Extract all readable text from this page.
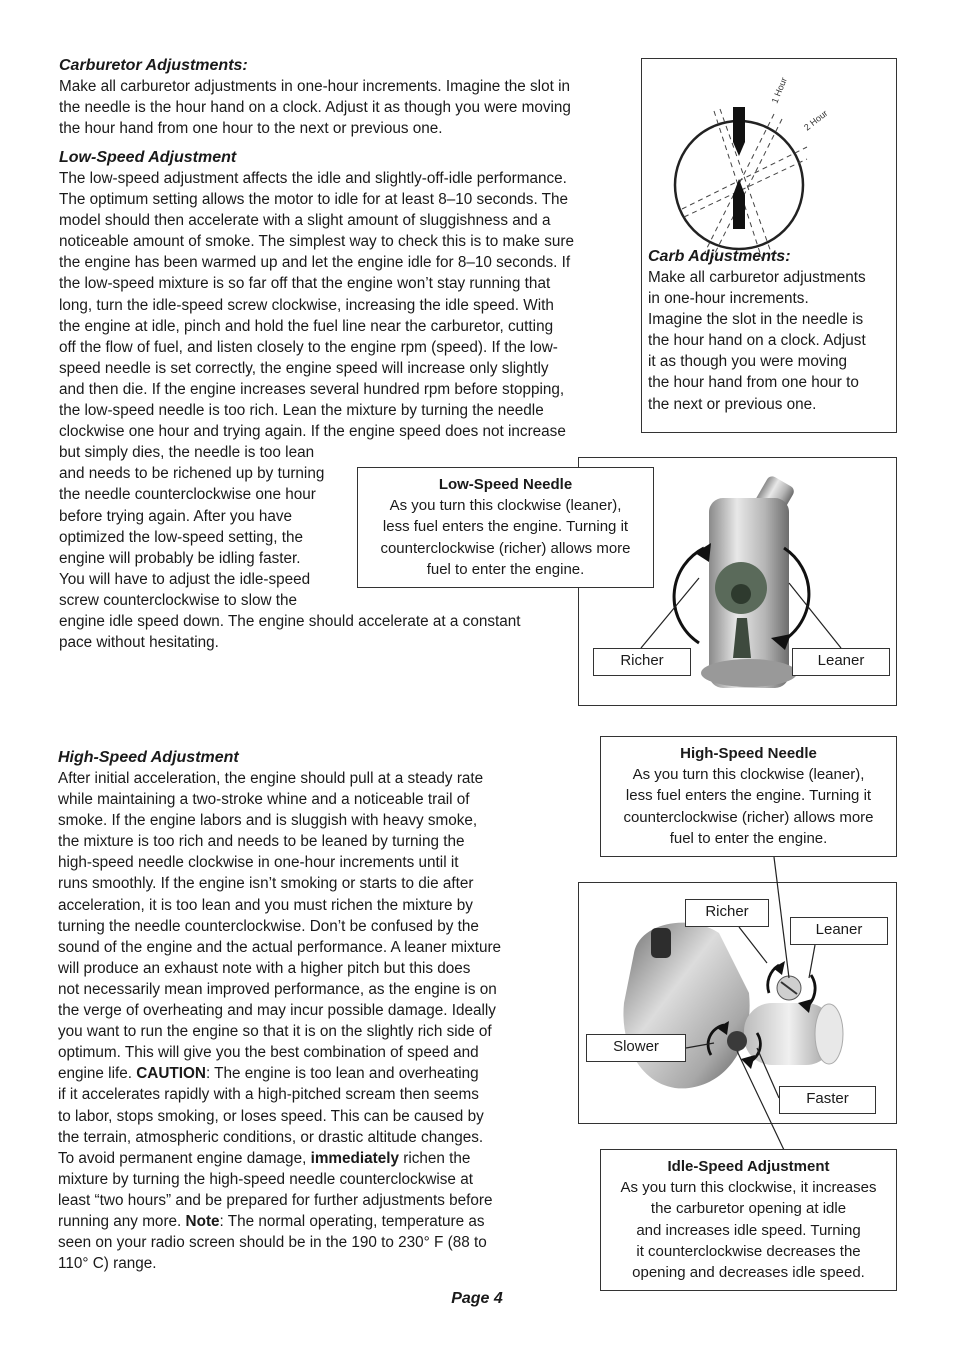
Carburetor Adjustments:

Make all carburetor adjustments in one-hour increments. Imagine the slot in
the needle is the hour hand on a clock. Adjust it as though you were moving
the hour hand from one hour to the next or previous one.

Low-Speed Adjustment

The low-speed adjustment affects the idle and slightly-off-idle performance.
The optimum setting allows the motor to idle for at least 8–10 seconds. The
model should then accelerate with a slight amount of sluggishness and a
noticeable amount of smoke. The simplest way to check this is to make sure
the engine has been warmed up and let the engine idle for 8–10 seconds. If
the low-speed mixture is so far off that the engine won’t stay running that
long, turn the idle-speed screw clockwise, increasing the idle speed. With
the engine at idle, pinch and hold the fuel line near the carburetor, cutting
off the flow of fuel, and listen closely to the engine rpm (speed). If the low-
speed needle is set correctly, the engine speed will increase only slightly
and then die. If the engine increases several hundred rpm before stopping,
the low-speed needle is too rich. Lean the mixture by turning the needle
clockwise one hour and trying again. If the engine speed does not increase
but simply dies, the needle is too lean
and needs to be richened up by turning
the needle counterclockwise one hour
before trying again. After you have
optimized the low-speed setting, the
engine will probably be idling faster.
You will have to adjust the idle-speed
screw counterclockwise to slow the
engine idle speed down. The engine should accelerate at a constant
pace without hesitating.

1 Hour
2 Hour

Carb Adjustments:

Make all carburetor adjustments
in one-hour increments.
Imagine the slot in the needle is
the hour hand on a clock. Adjust
it as though you were moving
the hour hand from one hour to
the next or previous one.

Richer	Leaner
Low-Speed Needle
As you turn this clockwise (leaner),
less fuel enters the engine. Turning it
counterclockwise (richer) allows more
fuel to enter the engine.

High-Speed Adjustment

After initial acceleration, the engine should pull at a steady rate
while maintaining a two-stroke whine and a noticeable trail of
smoke. If the engine labors and is sluggish with heavy smoke,
the mixture is too rich and needs to be leaned by turning the
high-speed needle clockwise in one-hour increments until it
runs smoothly. If the engine isn’t smoking or starts to die after
acceleration, it is too lean and you must richen the mixture by
turning the needle counterclockwise. Don’t be confused by the
sound of the engine and the actual performance. A leaner mixture
will produce an exhaust note with a higher pitch but this does
not necessarily mean improved performance, as the engine is on
the verge of overheating and may incur possible damage. Ideally
you want to run the engine so that it is on the slightly rich side of
optimum. This will give you the best combination of speed and
engine life. CAUTION: The engine is too lean and overheating
if it accelerates rapidly with a high-pitched scream then seems
to labor, stops smoking, or loses speed. This can be caused by
the terrain, atmospheric conditions, or drastic altitude changes.
To avoid permanent engine damage, immediately richen the
mixture by turning the high-speed needle counterclockwise at
least “two hours” and be prepared for further adjustments before
running any more. Note: The normal operating, temperature as
seen on your radio screen should be in the 190 to 230° F (88 to
110° C) range.

High-Speed Needle
As you turn this clockwise (leaner),
less fuel enters the engine. Turning it
counterclockwise (richer) allows more
fuel to enter the engine.
Richer
Leaner
Slower
Faster
Idle-Speed Adjustment
As you turn this clockwise, it increases
the carburetor opening at idle
and increases idle speed. Turning
it counterclockwise decreases the
opening and decreases idle speed.
Page 4
